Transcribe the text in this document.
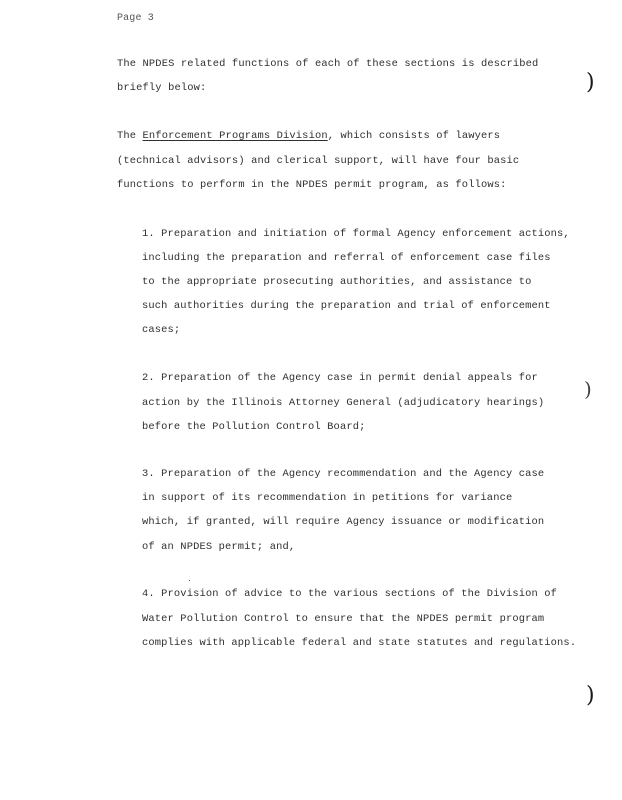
Page 3

The NPDES related functions of each of these sections is described

briefly below:

The Enforcement Programs Division, which consists of lawyers

(technical advisors) and clerical support, will have four basic

functions to perform in the NPDES permit program, as follows:

1. Preparation and initiation of formal Agency enforcement actions,

including the preparation and referral of enforcement case files

to the appropriate prosecuting authorities, and assistance to

such authorities during the preparation and trial of enforcement

cases;

2. Preparation of the Agency case in permit denial appeals for

action by the Illinois Attorney General (adjudicatory hearings)

before the Pollution Control Board;

3. Preparation of the Agency recommendation and the Agency case

in support of its recommendation in petitions for variance

which, if granted, will require Agency issuance or modification

of an NPDES permit; and,

4. Provision of advice to the various sections of the Division of

Water Pollution Control to ensure that the NPDES permit program

complies with applicable federal and state statutes and regulations.

)
)
)
